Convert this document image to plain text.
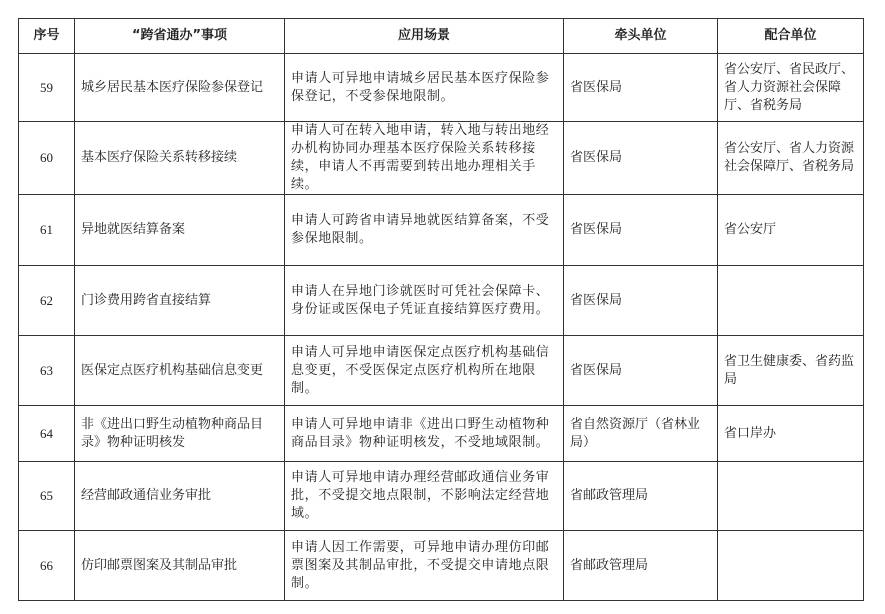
序号	“跨省通办”事项	应用场景	牵头单位	配合单位
59	城乡居民基本医疗保险参保登记	申请人可异地申请城乡居民基本医疗保险参保登记，不受参保地限制。	省医保局	省公安厅、省民政厅、省人力资源社会保障厅、省税务局
60	基本医疗保险关系转移接续	申请人可在转入地申请，转入地与转出地经办机构协同办理基本医疗保险关系转移接续，申请人不再需要到转出地办理相关手续。	省医保局	省公安厅、省人力资源社会保障厅、省税务局
61	异地就医结算备案	申请人可跨省申请异地就医结算备案，不受参保地限制。	省医保局	省公安厅
62	门诊费用跨省直接结算	申请人在异地门诊就医时可凭社会保障卡、身份证或医保电子凭证直接结算医疗费用。	省医保局	
63	医保定点医疗机构基础信息变更	申请人可异地申请医保定点医疗机构基础信息变更，不受医保定点医疗机构所在地限制。	省医保局	省卫生健康委、省药监局
64	非《进出口野生动植物种商品目录》物种证明核发	申请人可异地申请非《进出口野生动植物种商品目录》物种证明核发，不受地域限制。	省自然资源厅（省林业局）	省口岸办
65	经营邮政通信业务审批	申请人可异地申请办理经营邮政通信业务审批，不受提交地点限制，不影响法定经营地域。	省邮政管理局	
66	仿印邮票图案及其制品审批	申请人因工作需要，可异地申请办理仿印邮票图案及其制品审批，不受提交申请地点限制。	省邮政管理局	
